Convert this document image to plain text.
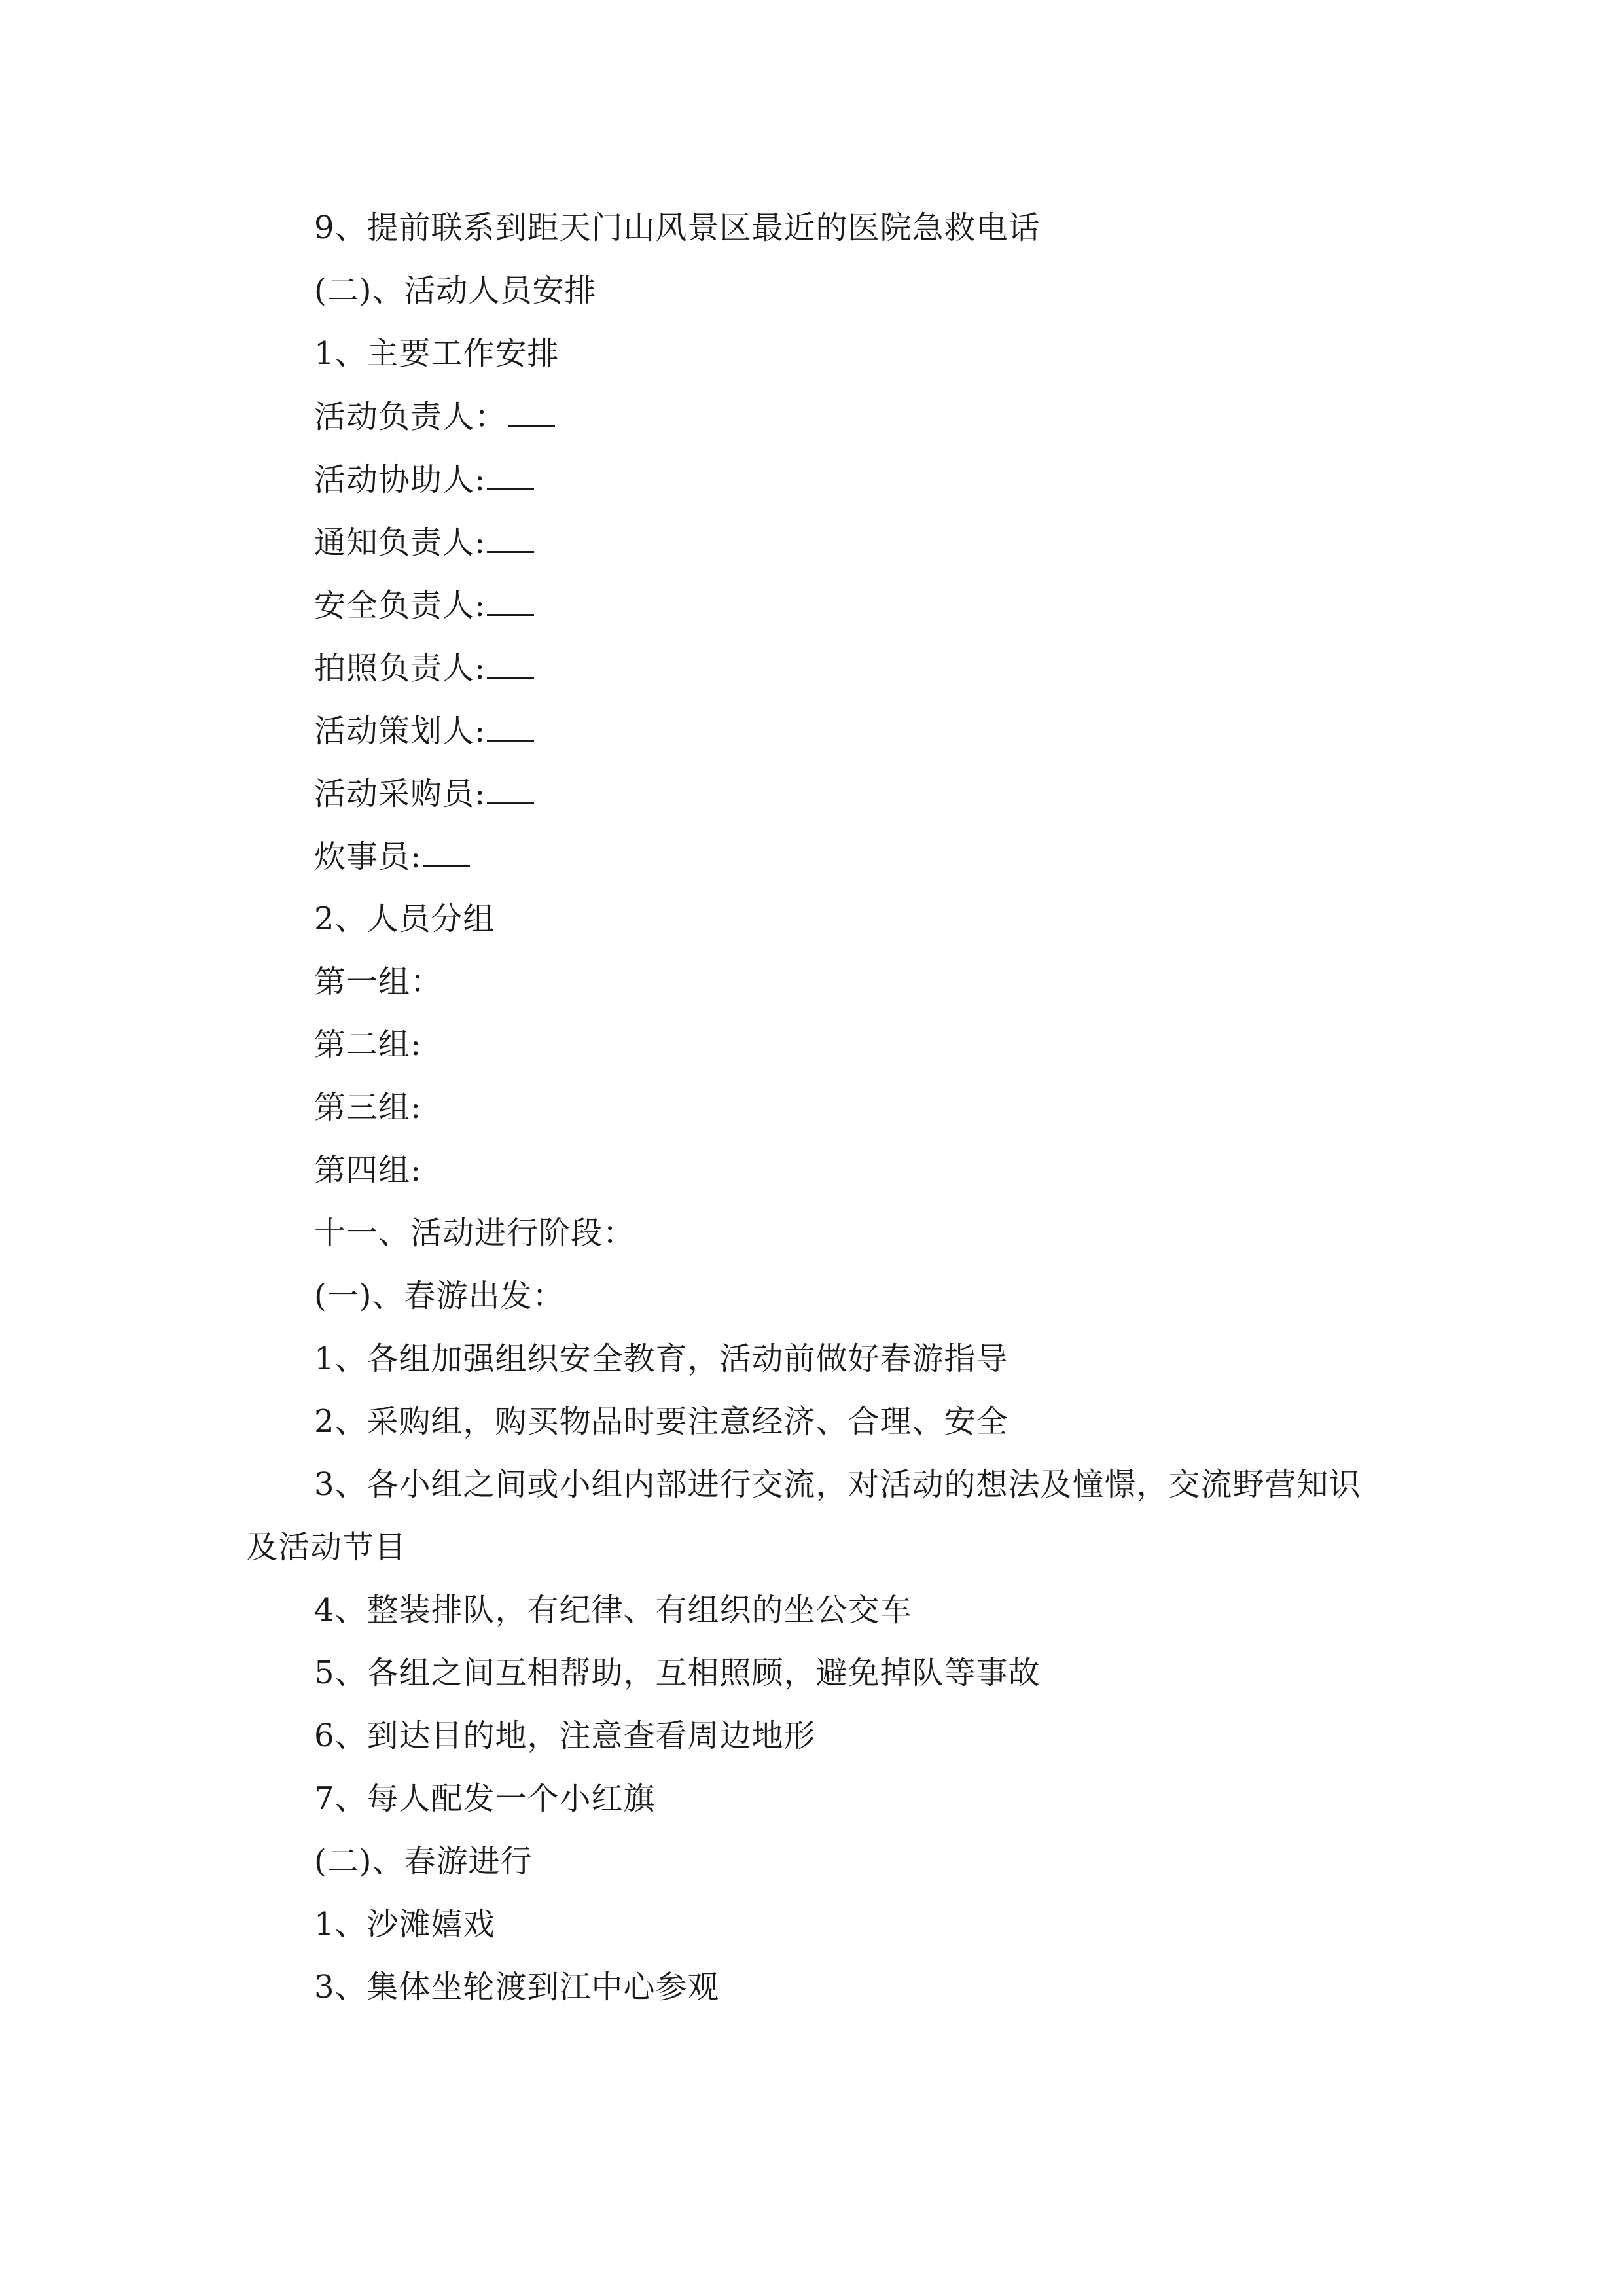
9、提前联系到距天门山风景区最近的医院急救电话
(二)、活动人员安排
1、主要工作安排
活动负责人：
活动协助人:
通知负责人:
安全负责人:
拍照负责人:
活动策划人:
活动采购员:
炊事员:
2、人员分组
第一组：
第二组:
第三组:
第四组:
十一、活动进行阶段：
(一)、春游出发：
1、各组加强组织安全教育，活动前做好春游指导
2、采购组，购买物品时要注意经济、合理、安全
3、各小组之间或小组内部进行交流，对活动的想法及憧憬，交流野营知识
及活动节目
4、整装排队，有纪律、有组织的坐公交车
5、各组之间互相帮助，互相照顾，避免掉队等事故
6、到达目的地，注意查看周边地形
7、每人配发一个小红旗
(二)、春游进行
1、沙滩嬉戏
3、集体坐轮渡到江中心参观
